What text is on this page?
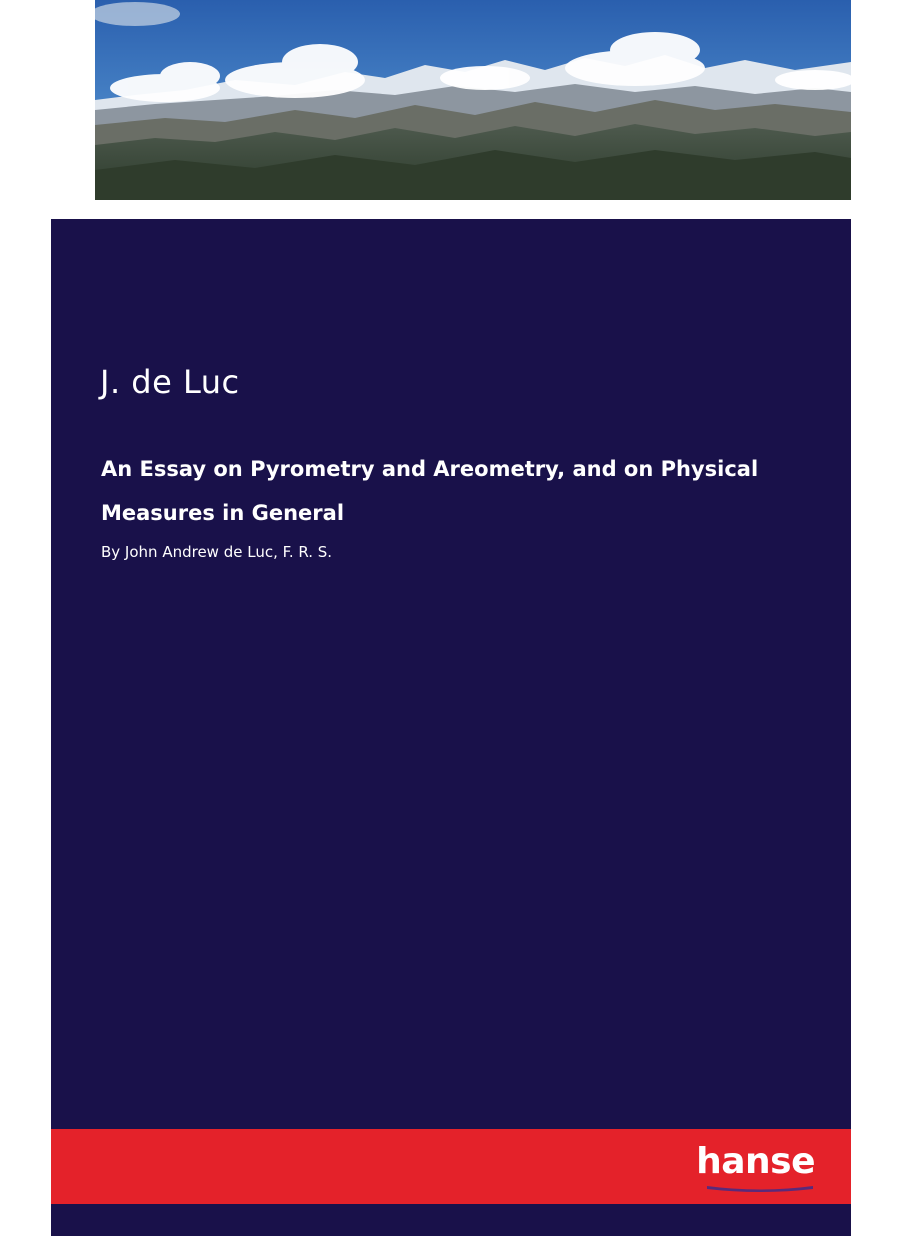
J. de Luc
An Essay on Pyrometry and Areometry, and on Physical Measures in General
By John Andrew de Luc, F. R. S.
hanse
